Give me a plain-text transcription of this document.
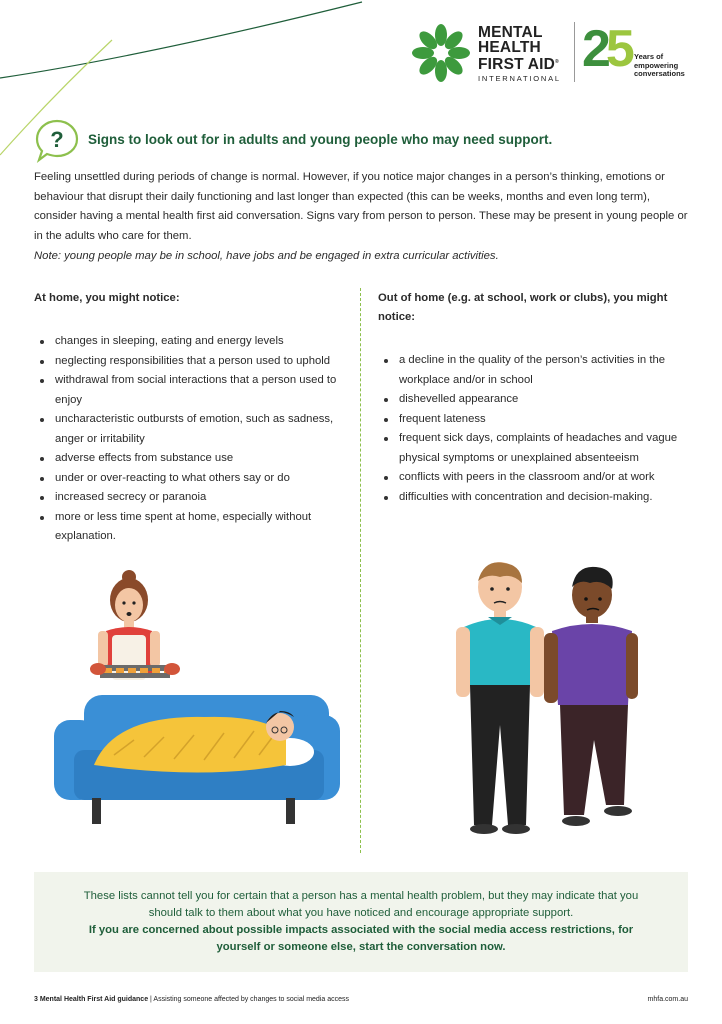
MENTAL
HEALTH
FIRST AID®
INTERNATIONAL
25 Years of empowering conversations
? Signs to look out for in adults and young people who may need support.

Feeling unsettled during periods of change is normal. However, if you notice major changes in a person’s thinking, emotions or behaviour that disrupt their daily functioning and last longer than expected (this can be weeks, months and even long term), consider having a mental health first aid conversation. Signs vary from person to person. These may be present in young people or in the adults who care for them.

Note: young people may be in school, have jobs and be engaged in extra curricular activities.

At home, you might notice:
changes in sleeping, eating and energy levels
neglecting responsibilities that a person used to uphold
withdrawal from social interactions that a person used to enjoy
uncharacteristic outbursts of emotion, such as sadness, anger or irritability
adverse effects from substance use
under or over-reacting to what others say or do
increased secrecy or paranoia
more or less time spent at home, especially without explanation.
Out of home (e.g. at school, work or clubs), you might notice:
a decline in the quality of the person’s activities in the workplace and/or in school
dishevelled appearance
frequent lateness
frequent sick days, complaints of headaches and vague physical symptoms or unexplained absenteeism
conflicts with peers in the classroom and/or at work
difficulties with concentration and decision-making.

These lists cannot tell you for certain that a person has a mental health problem, but they may indicate that you should talk to them about what you have noticed and encourage appropriate support.

If you are concerned about possible impacts associated with the social media access restrictions, for yourself or someone else, start the conversation now.

3 Mental Health First Aid guidance | Assisting someone affected by changes to social media access	mhfa.com.au
